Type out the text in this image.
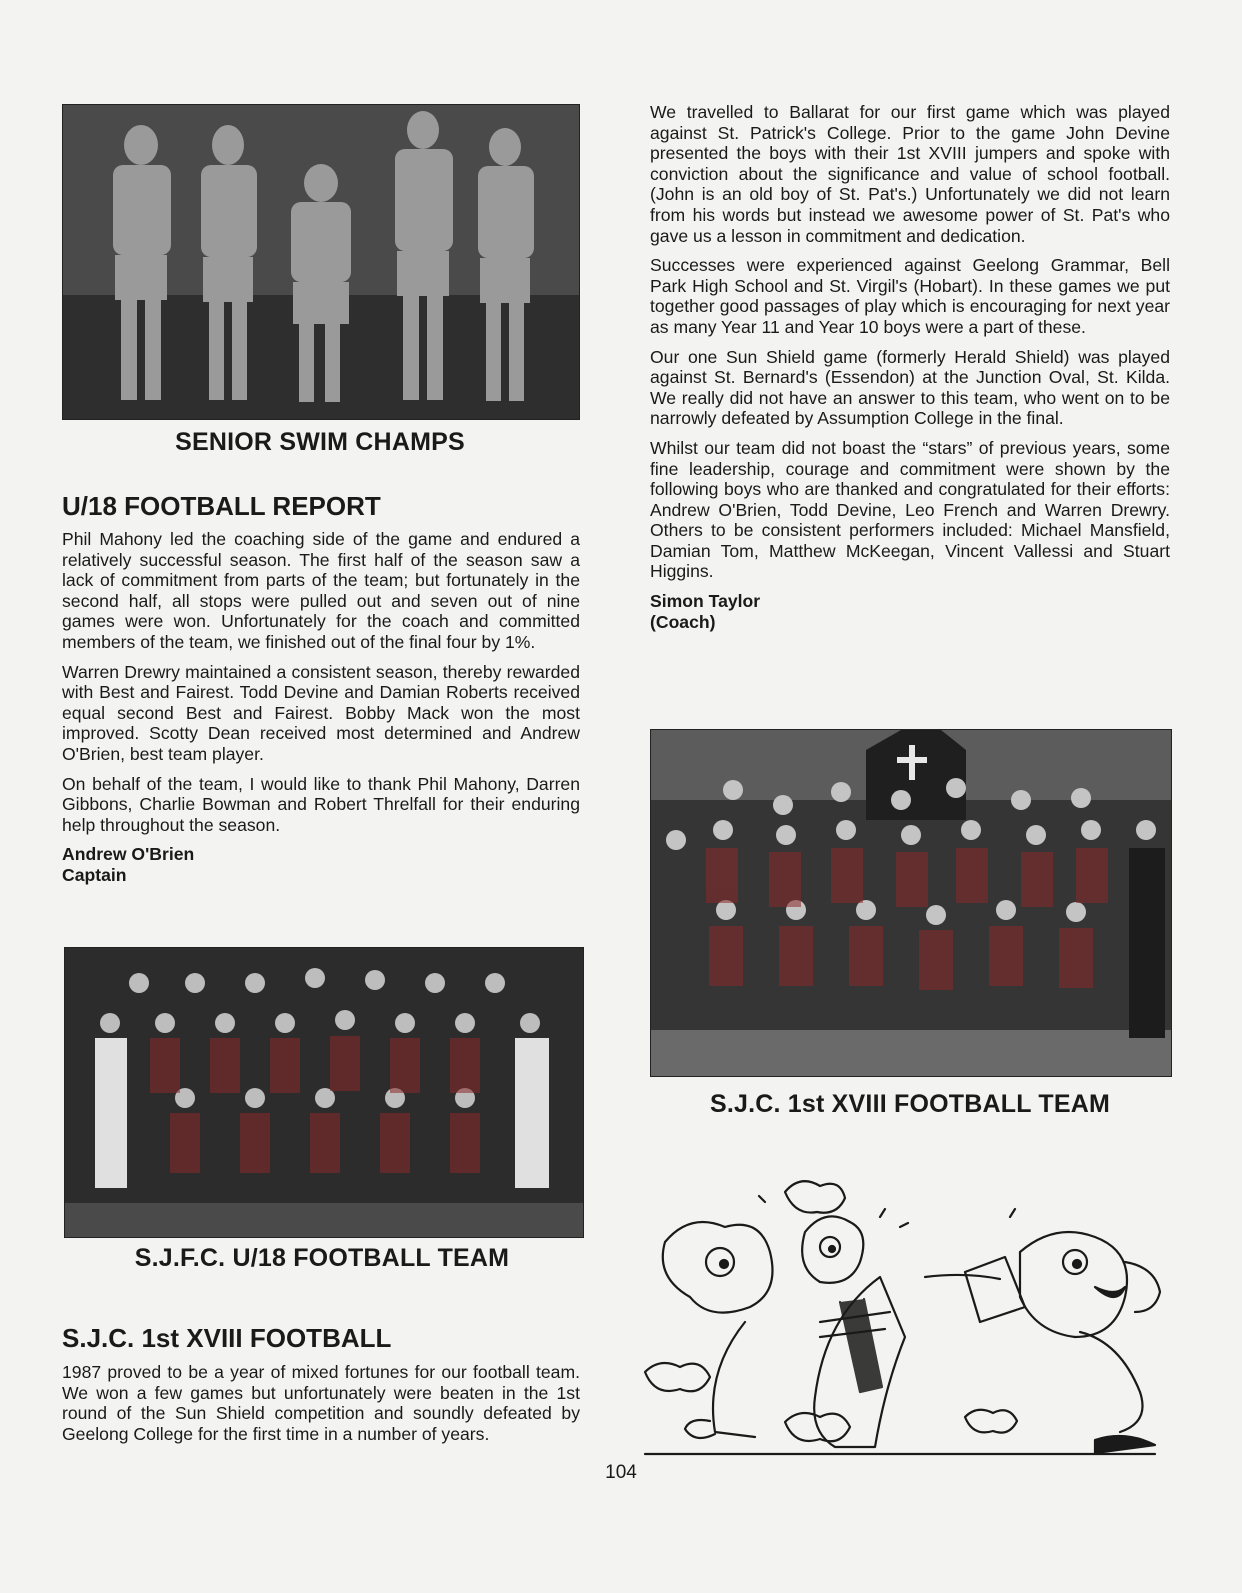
SENIOR SWIM CHAMPS
U/18 FOOTBALL REPORT

Phil Mahony led the coaching side of the game and endured a relatively successful season. The first half of the season saw a lack of commitment from parts of the team; but fortunately in the second half, all stops were pulled out and seven out of nine games were won. Unfortunately for the coach and committed members of the team, we finished out of the final four by 1%.

Warren Drewry maintained a consistent season, thereby rewarded with Best and Fairest. Todd Devine and Damian Roberts received equal second Best and Fairest. Bobby Mack won the most improved. Scotty Dean received most determined and Andrew O'Brien, best team player.

On behalf of the team, I would like to thank Phil Mahony, Darren Gibbons, Charlie Bowman and Robert Threlfall for their enduring help throughout the season.

Andrew O'Brien

Captain

S.J.F.C. U/18 FOOTBALL TEAM
S.J.C. 1st XVIII FOOTBALL

1987 proved to be a year of mixed fortunes for our football team. We won a few games but unfortunately were beaten in the 1st round of the Sun Shield competition and soundly defeated by Geelong College for the first time in a number of years.

We travelled to Ballarat for our first game which was played against St. Patrick's College. Prior to the game John Devine presented the boys with their 1st XVIII jumpers and spoke with conviction about the significance and value of school football. (John is an old boy of St. Pat's.) Unfortunately we did not learn from his words but instead we awesome power of St. Pat's who gave us a lesson in commitment and dedication.

Successes were experienced against Geelong Grammar, Bell Park High School and St. Virgil's (Hobart). In these games we put together good passages of play which is encouraging for next year as many Year 11 and Year 10 boys were a part of these.

Our one Sun Shield game (formerly Herald Shield) was played against St. Bernard's (Essendon) at the Junction Oval, St. Kilda. We really did not have an answer to this team, who went on to be narrowly defeated by Assumption College in the final.

Whilst our team did not boast the “stars” of previous years, some fine leadership, courage and commitment were shown by the following boys who are thanked and congratulated for their efforts: Andrew O'Brien, Todd Devine, Leo French and Warren Drewry. Others to be consistent performers included: Michael Mansfield, Damian Tom, Matthew McKeegan, Vincent Vallessi and Stuart Higgins.

Simon Taylor

(Coach)

S.J.C. 1st XVIII FOOTBALL TEAM
104
